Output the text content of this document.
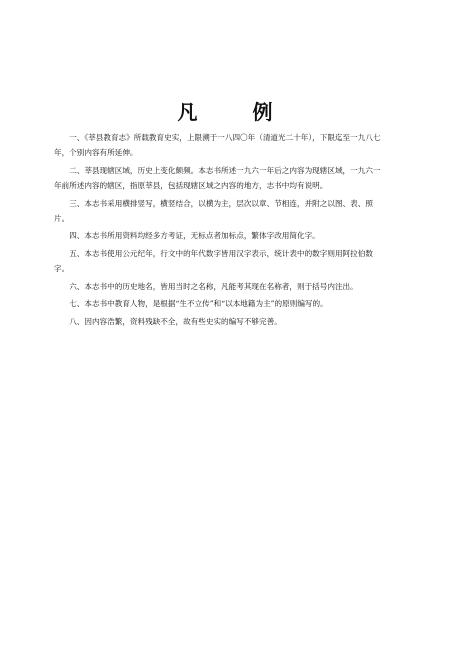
凡 例

一、《莘县教育志》所载教育史实，上限溯于一八四〇年（清道光二十年），下限迄至一九八七年，个别内容有所延伸。

二、莘县现辖区域，历史上变化颇频。本志书所述一九六一年后之内容为现辖区域，一九六一年前所述内容的辖区，指原莘县，包括现辖区域之内容的地方，志书中均有说明。

三、本志书采用横排竖写，横竖结合，以横为主，层次以章、节相连，并附之以图、表、照片。

四、本志书所用资料均经多方考证，无标点者加标点，繁体字改用简化字。

五、本志书使用公元纪年，行文中的年代数字皆用汉字表示，统计表中的数字则用阿拉伯数字。

六、本志书中的历史地名，皆用当时之名称，凡能考其现在名称者，则于括号内注出。

七、本志书中教育人物，是根据“生不立传”和“以本地籍为主”的原则编写的。

八、因内容浩繁，资料残缺不全，故有些史实的编写不够完善。
